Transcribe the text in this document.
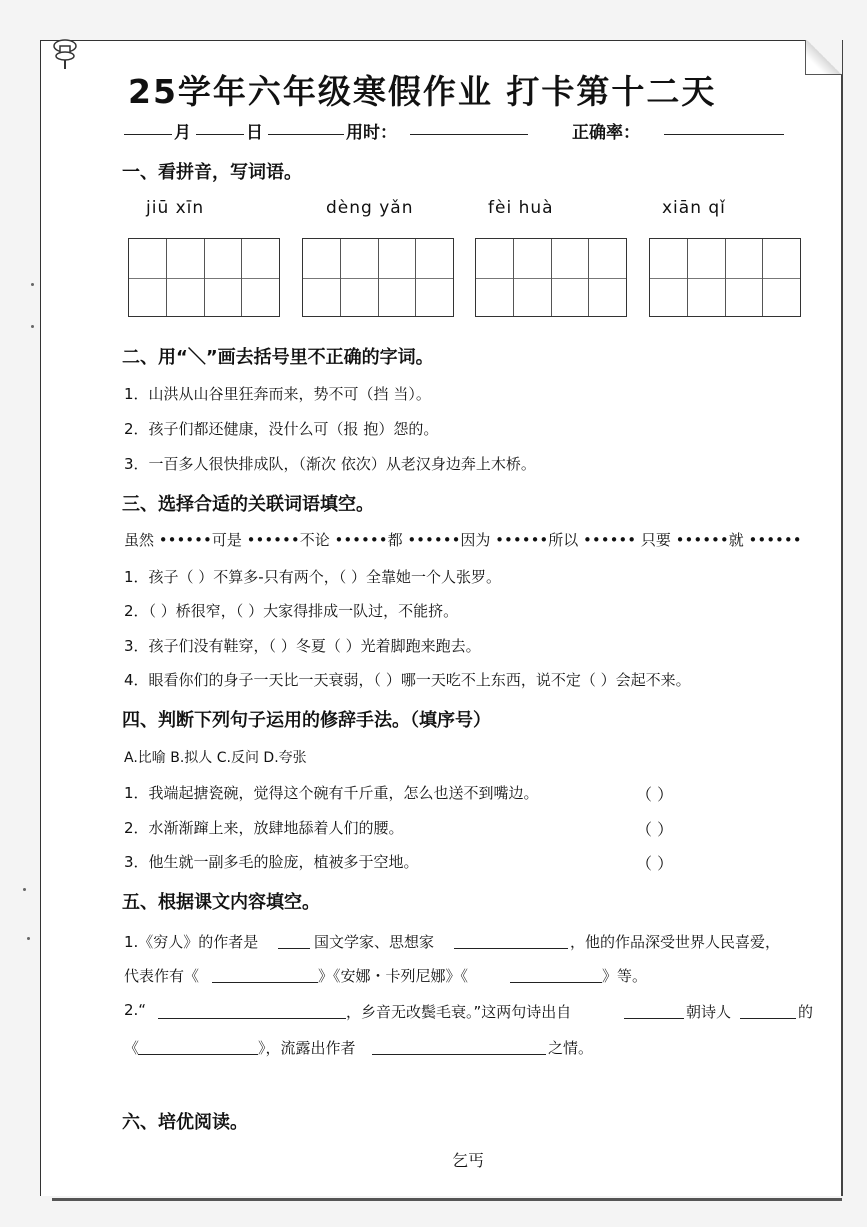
25学年六年级寒假作业 打卡第十二天
月	日	用时：	正确率：
一、看拼音，写词语。
jiū xīn	dèng yǎn	fèi huà	xiān qǐ
二、用“＼”画去括号里不正确的字词。
1．山洪从山谷里狂奔而来，势不可（挡 当）。
2．孩子们都还健康，没什么可（报 抱）怨的。
3．一百多人很快排成队，（渐次 依次）从老汉身边奔上木桥。
三、选择合适的关联词语填空。
虽然 ••••••可是 ••••••不论 ••••••都 ••••••因为 ••••••所以 •••••• 只要 ••••••就 ••••••
1．孩子（ ）不算多-只有两个，（ ）全靠她一个人张罗。
2．（ ）桥很窄，（ ）大家得排成一队过，不能挤。
3．孩子们没有鞋穿，（ ）冬夏（ ）光着脚跑来跑去。
4．眼看你们的身子一天比一天衰弱，（ ）哪一天吃不上东西，说不定（ ）会起不来。
四、判断下列句子运用的修辞手法。（填序号）
A.比喻 B.拟人 C.反问 D.夸张
1．我端起搪瓷碗，觉得这个碗有千斤重，怎么也送不到嘴边。	（ ）
2．水渐渐蹿上来，放肆地舔着人们的腰。	（ ）
3．他生就一副多毛的脸庞，植被多于空地。	（ ）
五、根据课文内容填空。
1.《穷人》的作者是	国文学家、思想家	，他的作品深受世界人民喜爱，
代表作有《	》《安娜・卡列尼娜》《	》等。
2.“	，乡音无改鬓毛衰。”这两句诗出自	朝诗人	的
《	》，流露出作者	之情。
六、培优阅读。
乞丐
